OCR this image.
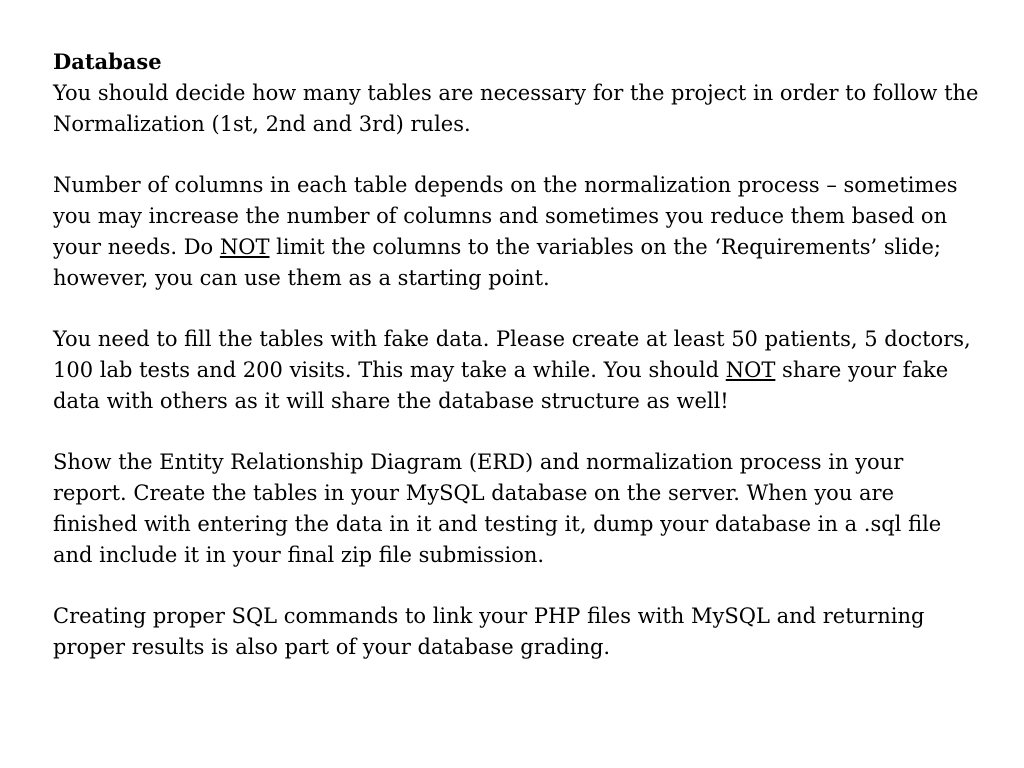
Database

You should decide how many tables are necessary for the project in order to follow the Normalization (1st, 2nd and 3rd) rules.

Number of columns in each table depends on the normalization process – sometimes you may increase the number of columns and sometimes you reduce them based on your needs. Do NOT limit the columns to the variables on the ‘Requirements’ slide; however, you can use them as a starting point.

You need to fill the tables with fake data. Please create at least 50 patients, 5 doctors, 100 lab tests and 200 visits. This may take a while. You should NOT share your fake data with others as it will share the database structure as well!

Show the Entity Relationship Diagram (ERD) and normalization process in your report. Create the tables in your MySQL database on the server. When you are finished with entering the data in it and testing it, dump your database in a .sql file and include it in your final zip file submission.

Creating proper SQL commands to link your PHP files with MySQL and returning proper results is also part of your database grading.
